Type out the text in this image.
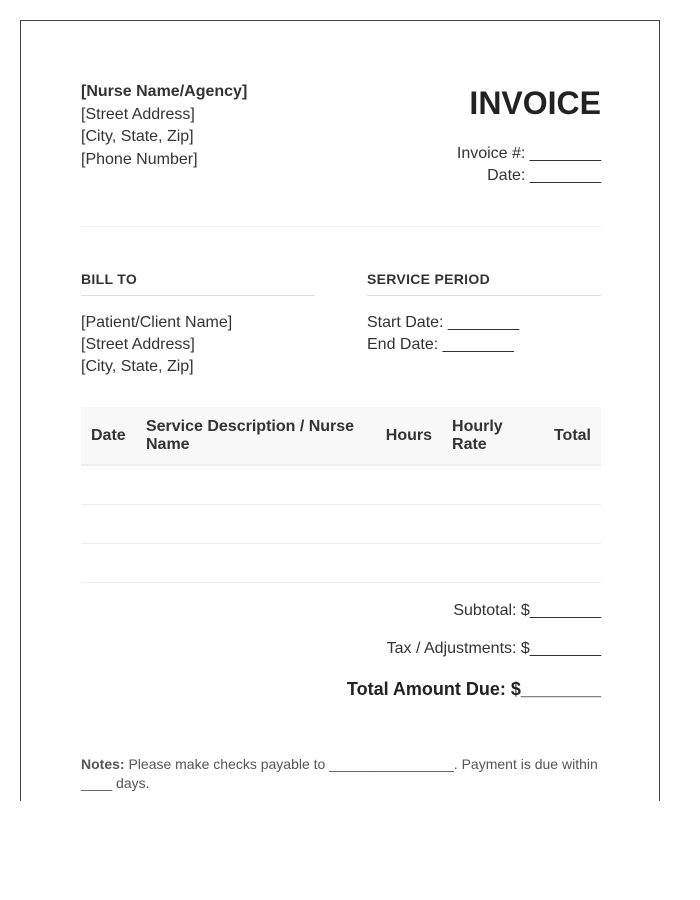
[Nurse Name/Agency]
[Street Address]
[City, State, Zip]
[Phone Number]
INVOICE
Invoice #: ________
Date: ________
BILL TO
[Patient/Client Name]
[Street Address]
[City, State, Zip]
SERVICE PERIOD
Start Date: ________
End Date: ________
Date	Service Description / Nurse Name	Hours	Hourly Rate	Total

Subtotal: $________
Tax / Adjustments: $________
Total Amount Due: $________
Notes: Please make checks payable to ________________. Payment is due within ____ days.
